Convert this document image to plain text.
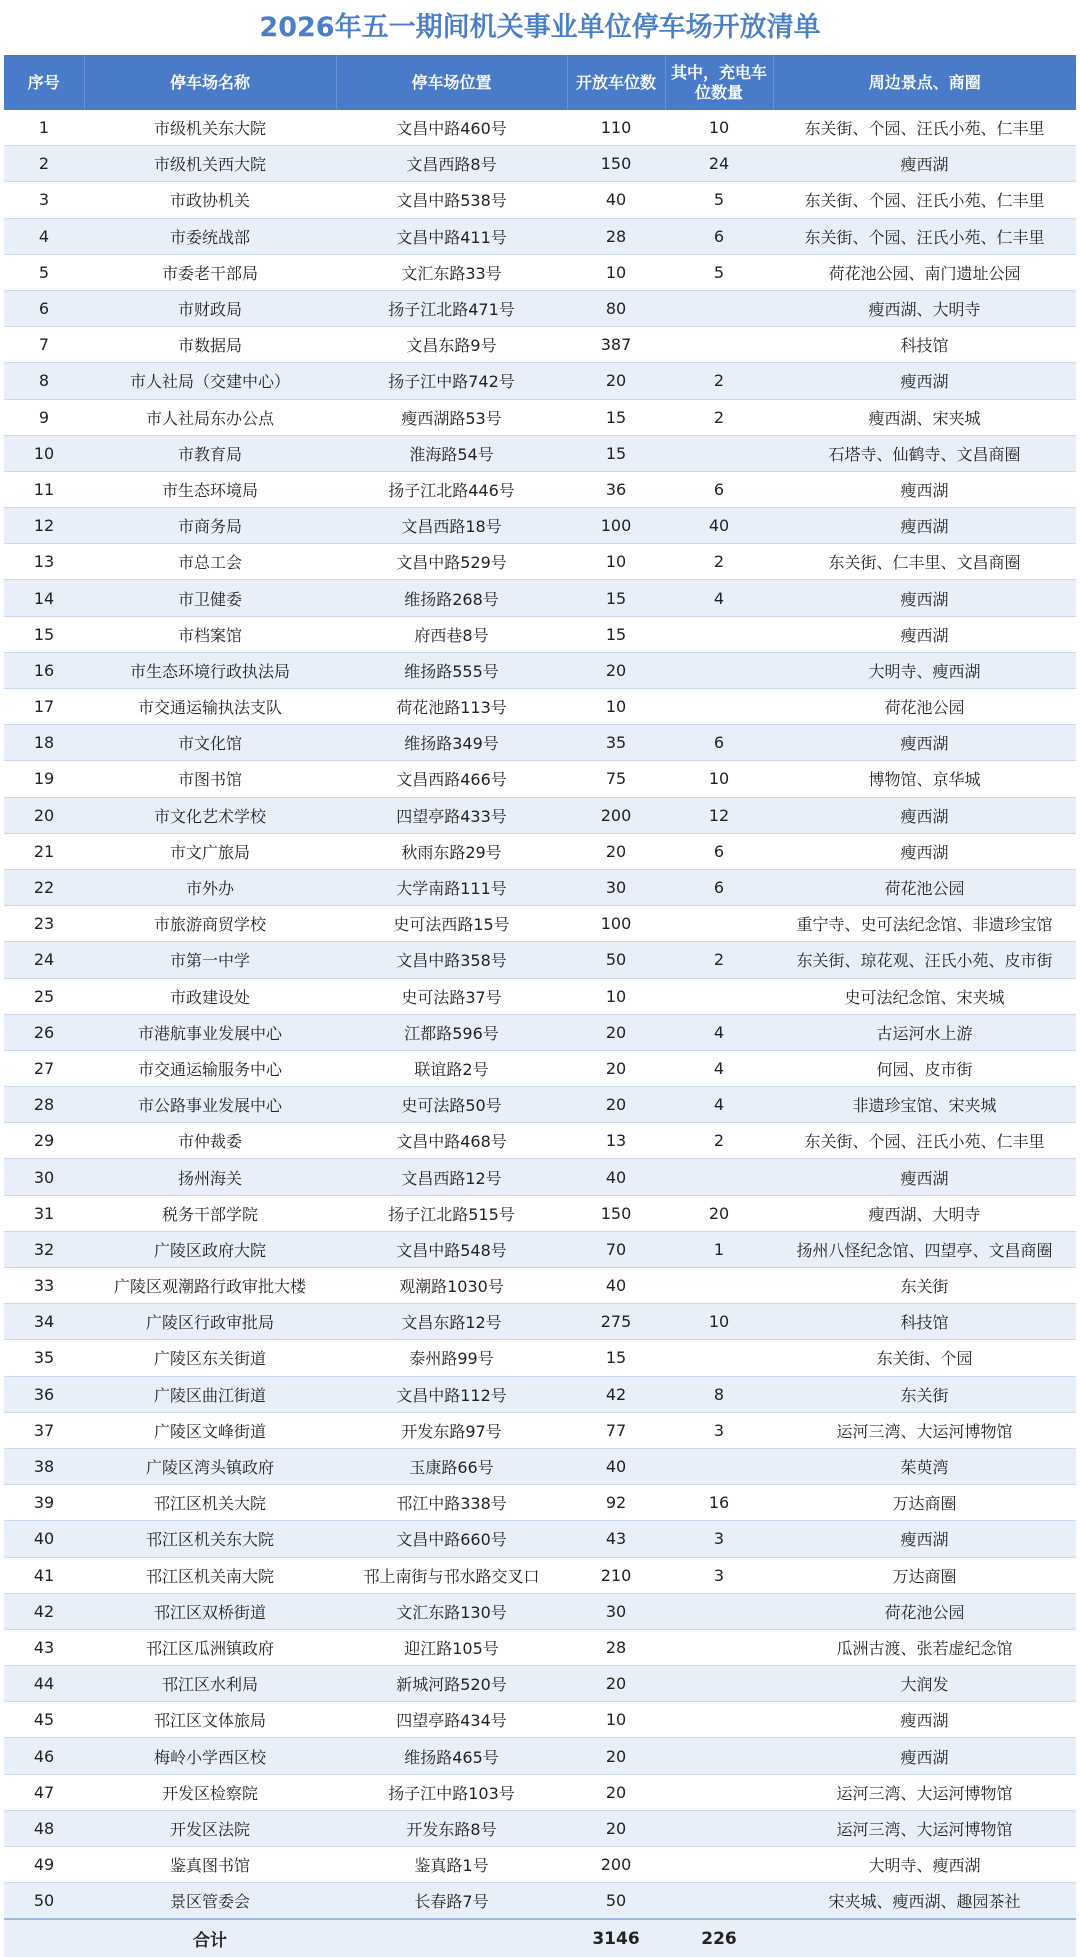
2026年五一期间机关事业单位停车场开放清单
序号	停车场名称	停车场位置	开放车位数	其中，充电车位数量	周边景点、商圈
1	市级机关东大院	文昌中路460号	110	10	东关街、个园、汪氏小苑、仁丰里
2	市级机关西大院	文昌西路8号	150	24	瘦西湖
3	市政协机关	文昌中路538号	40	5	东关街、个园、汪氏小苑、仁丰里
4	市委统战部	文昌中路411号	28	6	东关街、个园、汪氏小苑、仁丰里
5	市委老干部局	文汇东路33号	10	5	荷花池公园、南门遗址公园
6	市财政局	扬子江北路471号	80		瘦西湖、大明寺
7	市数据局	文昌东路9号	387		科技馆
8	市人社局（交建中心）	扬子江中路742号	20	2	瘦西湖
9	市人社局东办公点	瘦西湖路53号	15	2	瘦西湖、宋夹城
10	市教育局	淮海路54号	15		石塔寺、仙鹤寺、文昌商圈
11	市生态环境局	扬子江北路446号	36	6	瘦西湖
12	市商务局	文昌西路18号	100	40	瘦西湖
13	市总工会	文昌中路529号	10	2	东关街、仁丰里、文昌商圈
14	市卫健委	维扬路268号	15	4	瘦西湖
15	市档案馆	府西巷8号	15		瘦西湖
16	市生态环境行政执法局	维扬路555号	20		大明寺、瘦西湖
17	市交通运输执法支队	荷花池路113号	10		荷花池公园
18	市文化馆	维扬路349号	35	6	瘦西湖
19	市图书馆	文昌西路466号	75	10	博物馆、京华城
20	市文化艺术学校	四望亭路433号	200	12	瘦西湖
21	市文广旅局	秋雨东路29号	20	6	瘦西湖
22	市外办	大学南路111号	30	6	荷花池公园
23	市旅游商贸学校	史可法西路15号	100		重宁寺、史可法纪念馆、非遗珍宝馆
24	市第一中学	文昌中路358号	50	2	东关街、琼花观、汪氏小苑、皮市街
25	市政建设处	史可法路37号	10		史可法纪念馆、宋夹城
26	市港航事业发展中心	江都路596号	20	4	古运河水上游
27	市交通运输服务中心	联谊路2号	20	4	何园、皮市街
28	市公路事业发展中心	史可法路50号	20	4	非遗珍宝馆、宋夹城
29	市仲裁委	文昌中路468号	13	2	东关街、个园、汪氏小苑、仁丰里
30	扬州海关	文昌西路12号	40		瘦西湖
31	税务干部学院	扬子江北路515号	150	20	瘦西湖、大明寺
32	广陵区政府大院	文昌中路548号	70	1	扬州八怪纪念馆、四望亭、文昌商圈
33	广陵区观潮路行政审批大楼	观潮路1030号	40		东关街
34	广陵区行政审批局	文昌东路12号	275	10	科技馆
35	广陵区东关街道	泰州路99号	15		东关街、个园
36	广陵区曲江街道	文昌中路112号	42	8	东关街
37	广陵区文峰街道	开发东路97号	77	3	运河三湾、大运河博物馆
38	广陵区湾头镇政府	玉康路66号	40		茱萸湾
39	邗江区机关大院	邗江中路338号	92	16	万达商圈
40	邗江区机关东大院	文昌中路660号	43	3	瘦西湖
41	邗江区机关南大院	邗上南街与邗水路交叉口	210	3	万达商圈
42	邗江区双桥街道	文汇东路130号	30		荷花池公园
43	邗江区瓜洲镇政府	迎江路105号	28		瓜洲古渡、张若虚纪念馆
44	邗江区水利局	新城河路520号	20		大润发
45	邗江区文体旅局	四望亭路434号	10		瘦西湖
46	梅岭小学西区校	维扬路465号	20		瘦西湖
47	开发区检察院	扬子江中路103号	20		运河三湾、大运河博物馆
48	开发区法院	开发东路8号	20		运河三湾、大运河博物馆
49	鉴真图书馆	鉴真路1号	200		大明寺、瘦西湖
50	景区管委会	长春路7号	50		宋夹城、瘦西湖、趣园茶社
	合计		3146	226	
